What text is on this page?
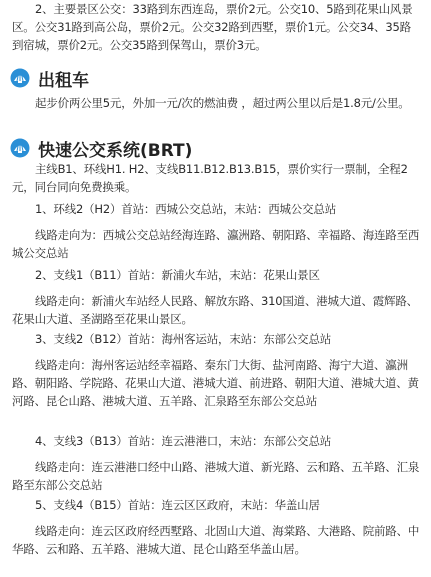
2、主要景区公交：33路到东西连岛，票价2元。公交10、5路到花果山风景区。公交31路到高公岛，票价2元。公交32路到西墅，票价1元。公交34、35路到宿城，票价2元。公交35路到保驾山，票价3元。

出租车

起步价两公里5元，外加一元/次的燃油费 ，超过两公里以后是1.8元/公里。

快速公交系统(BRT)

主线B1、环线H1. H2、支线B11.B12.B13.B15，票价实行一票制，全程2元，同台同向免费换乘。

1、环线2（H2）首站：西城公交总站，末站：西城公交总站

线路走向为：西城公交总站经海连路、瀛洲路、朝阳路、幸福路、海连路至西城公交总站

2、支线1（B11）首站：新浦火车站，末站：花果山景区

线路走向：新浦火车站经人民路、解放东路、310国道、港城大道、霞辉路、花果山大道、圣湖路至花果山景区。

3、支线2（B12）首站：海州客运站，末站：东部公交总站

线路走向：海州客运站经幸福路、秦东门大街、盐河南路、海宁大道、瀛洲路、朝阳路、学院路、花果山大道、港城大道、前进路、朝阳大道、港城大道、黄河路、昆仑山路、港城大道、五羊路、汇泉路至东部公交总站

4、支线3（B13）首站：连云港港口，末站：东部公交总站

线路走向：连云港港口经中山路、港城大道、新光路、云和路、五羊路、汇泉路至东部公交总站

5、支线4（B15）首站：连云区区政府，末站：华盖山居

线路走向：连云区政府经西墅路、北固山大道、海棠路、大港路、院前路、中华路、云和路、五羊路、港城大道、昆仑山路至华盖山居。
